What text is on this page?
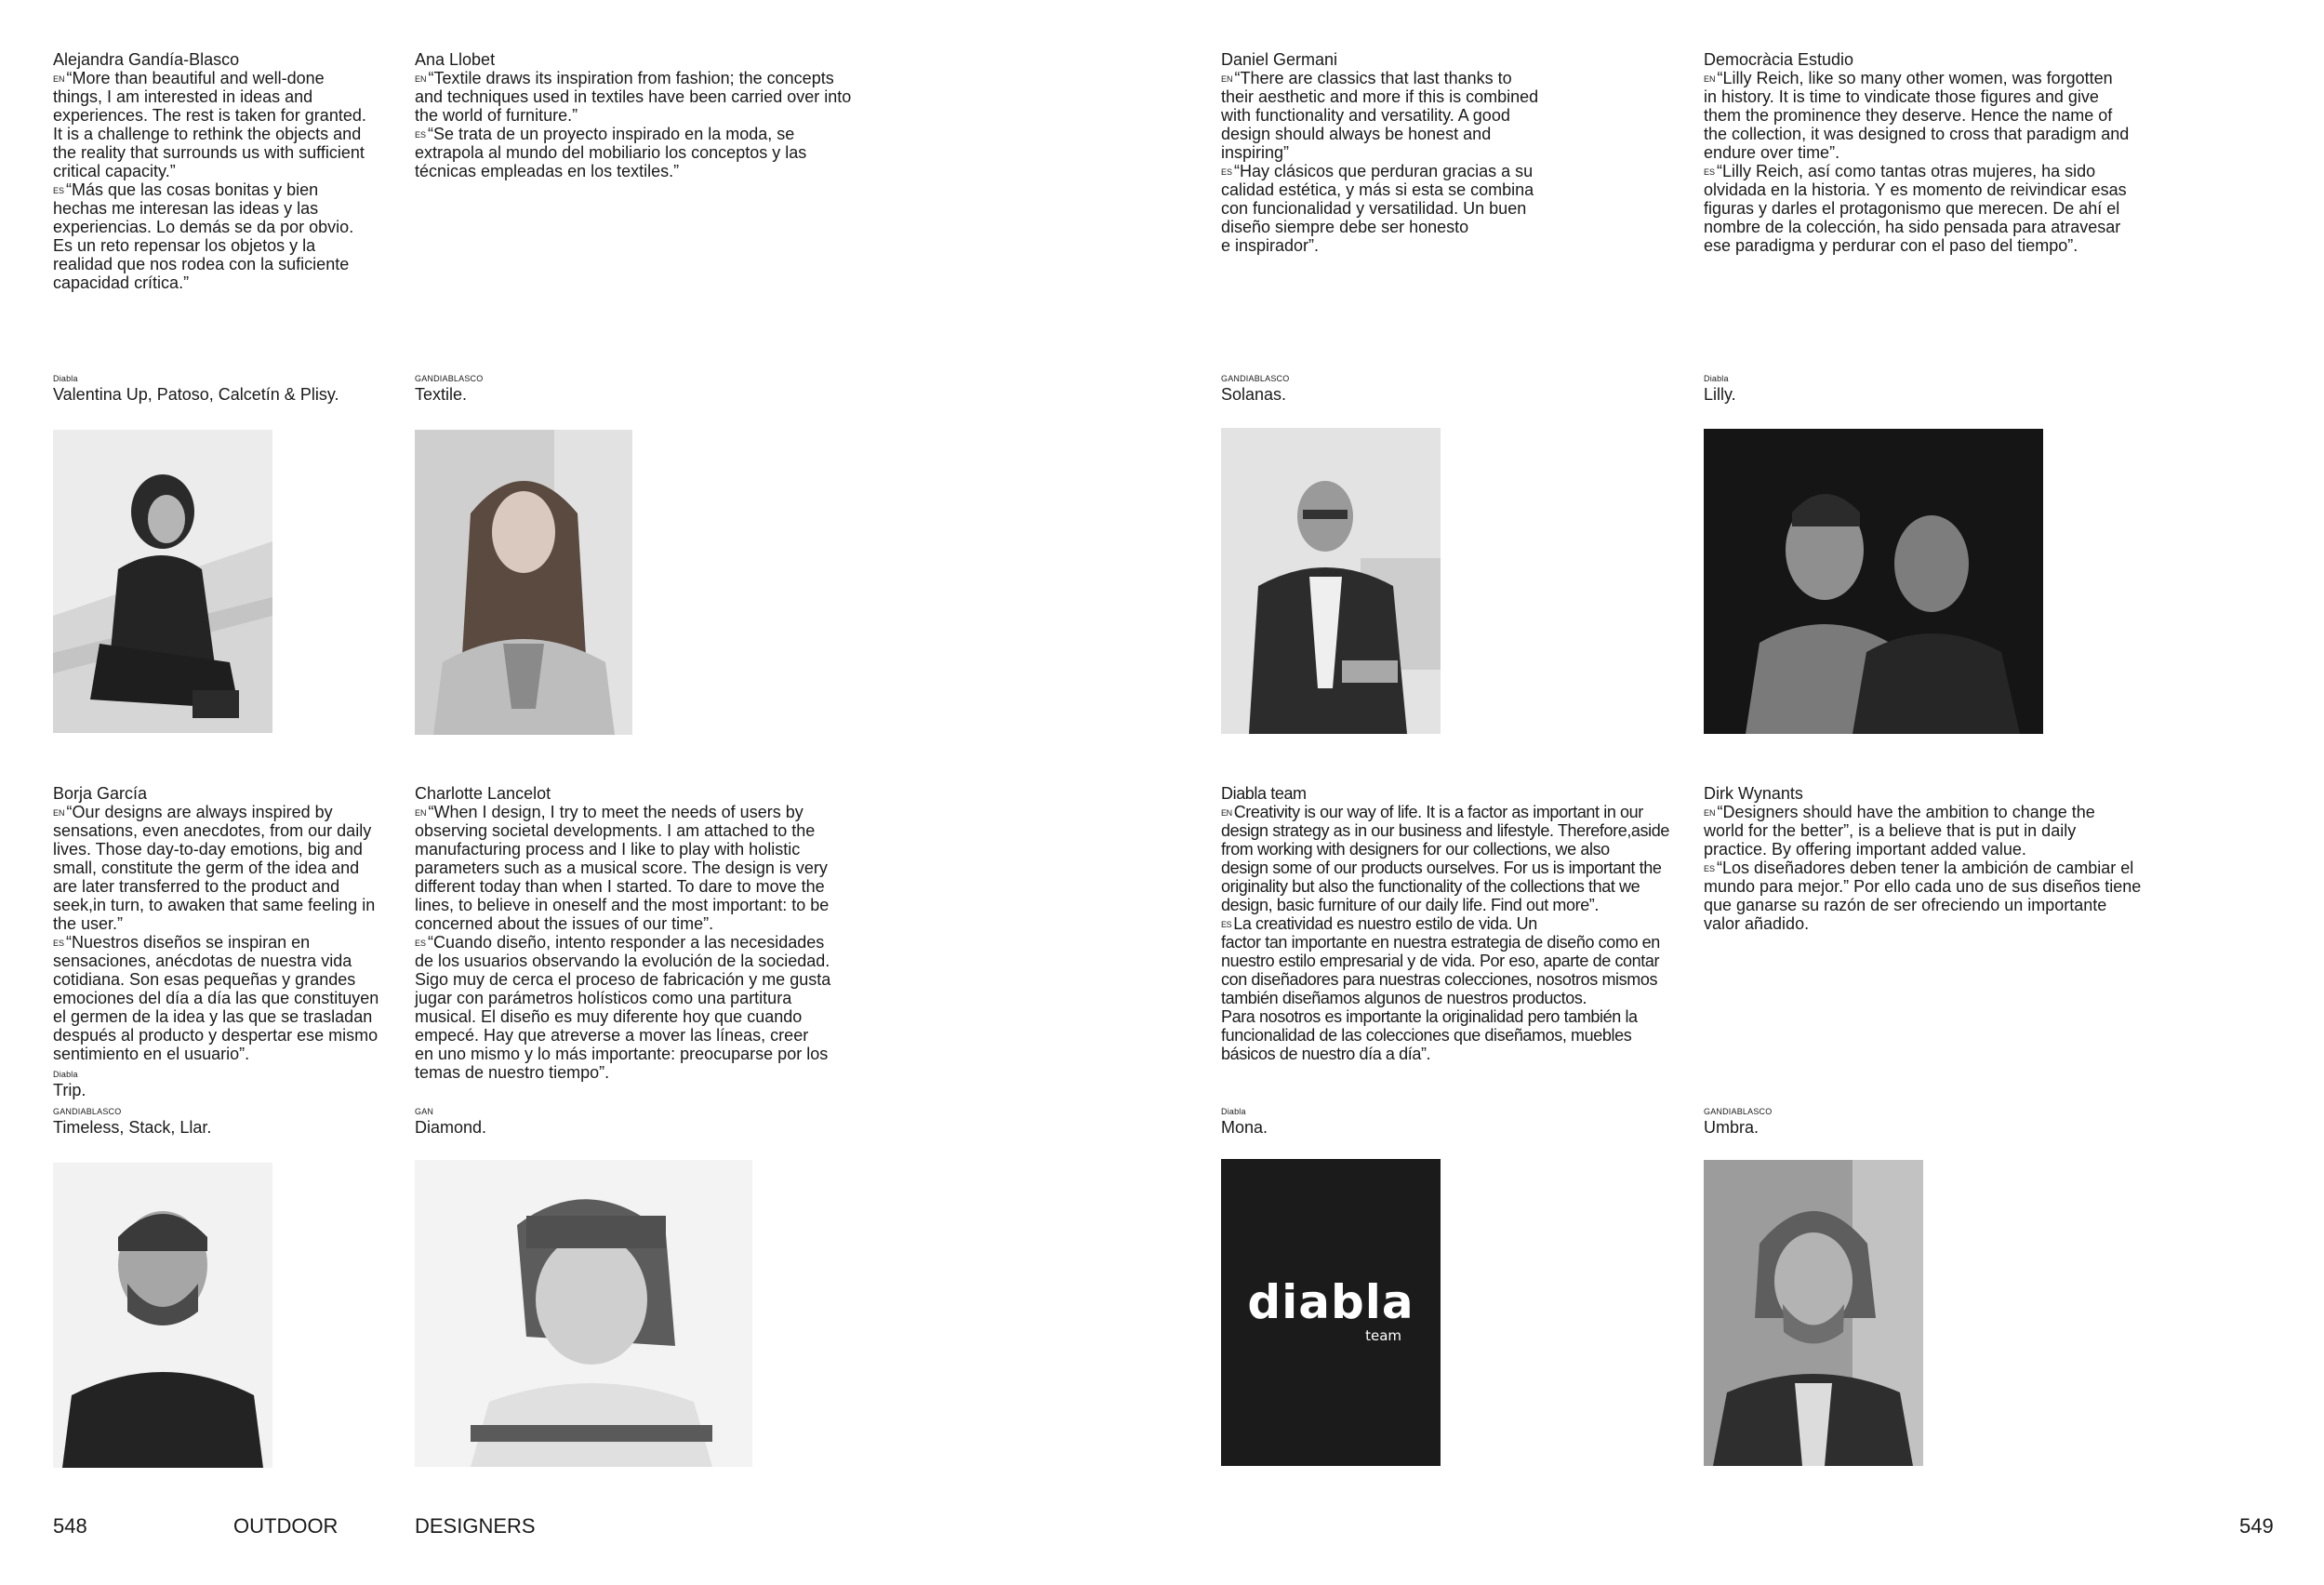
Alejandra Gandía-Blasco

$^{EN}$ “More than beautiful and well-done
things, I am interested in ideas and
experiences. The rest is taken for granted.
It is a challenge to rethink the objects and
the reality that surrounds us with sufficient
critical capacity.”

$^{ES}$ “Más que las cosas bonitas y bien
hechas me interesan las ideas y las
experiencias. Lo demás se da por obvio.
Es un reto repensar los objetos y la
realidad que nos rodea con la suficiente
capacidad crítica.”

Diabla

Valentina Up, Patoso, Calcetín & Plisy.

Ana Llobet

$^{EN}$ “Textile draws its inspiration from fashion; the concepts
and techniques used in textiles have been carried over into
the world of furniture.”

$^{ES}$ “Se trata de un proyecto inspirado en la moda, se
extrapola al mundo del mobiliario los conceptos y las
técnicas empleadas en los textiles.”

GANDIABLASCO

Textile.

Daniel Germani

$^{EN}$ “There are classics that last thanks to
their aesthetic and more if this is combined
with functionality and versatility. A good
design should always be honest and
inspiring”

$^{ES}$ “Hay clásicos que perduran gracias a su
calidad estética, y más si esta se combina
con funcionalidad y versatilidad. Un buen
diseño siempre debe ser honesto
e inspirador”.

GANDIABLASCO

Solanas.

Democràcia Estudio

$^{EN}$ “Lilly Reich, like so many other women, was forgotten
in history. It is time to vindicate those figures and give
them the prominence they deserve. Hence the name of
the collection, it was designed to cross that paradigm and
endure over time”.

$^{ES}$ “Lilly Reich, así como tantas otras mujeres, ha sido
olvidada en la historia. Y es momento de reivindicar esas
figuras y darles el protagonismo que merecen. De ahí el
nombre de la colección, ha sido pensada para atravesar
ese paradigma y perdurar con el paso del tiempo”.

Diabla

Lilly.

Borja García

$^{EN}$ “Our designs are always inspired by
sensations, even anecdotes, from our daily
lives. Those day-to-day emotions, big and
small, constitute the germ of the idea and
are later transferred to the product and
seek,in turn, to awaken that same feeling in
the user.”

$^{ES}$ “Nuestros diseños se inspiran en
sensaciones, anécdotas de nuestra vida
cotidiana. Son esas pequeñas y grandes
emociones del día a día las que constituyen
el germen de la idea y las que se trasladan
después al producto y despertar ese mismo
sentimiento en el usuario”.

Diabla

Trip.

GANDIABLASCO

Timeless, Stack, Llar.

Charlotte Lancelot

$^{EN}$ “When I design, I try to meet the needs of users by
observing societal developments. I am attached to the
manufacturing process and I like to play with holistic
parameters such as a musical score. The design is very
different today than when I started. To dare to move the
lines, to believe in oneself and the most important: to be
concerned about the issues of our time”.

$^{ES}$ “Cuando diseño, intento responder a las necesidades
de los usuarios observando la evolución de la sociedad.
Sigo muy de cerca el proceso de fabricación y me gusta
jugar con parámetros holísticos como una partitura
musical. El diseño es muy diferente hoy que cuando
empecé. Hay que atreverse a mover las líneas, creer
en uno mismo y lo más importante: preocuparse por los
temas de nuestro tiempo”.

GAN

Diamond.

Diabla team

$^{EN}$ Creativity is our way of life. It is a factor as important in our
design strategy as in our business and lifestyle. Therefore,aside
from working with designers for our collections, we also
design some of our products ourselves. For us is important the
originality but also the functionality of the collections that we
design, basic furniture of our daily life. Find out more”.

$^{ES}$ La creatividad es nuestro estilo de vida. Un
factor tan importante en nuestra estrategia de diseño como en
nuestro estilo empresarial y de vida. Por eso, aparte de contar
con diseñadores para nuestras colecciones, nosotros mismos
también diseñamos algunos de nuestros productos.
Para nosotros es importante la originalidad pero también la
funcionalidad de las colecciones que diseñamos, muebles
básicos de nuestro día a día”.

Diabla

Mona.

Dirk Wynants

$^{EN}$ “Designers should have the ambition to change the
world for the better”, is a believe that is put in daily
practice. By offering important added value.

$^{ES}$ “Los diseñadores deben tener la ambición de cambiar el
mundo para mejor.” Por ello cada uno de sus diseños tiene
que ganarse su razón de ser ofreciendo un importante
valor añadido.

GANDIABLASCO

Umbra.

diabla
team
548	OUTDOOR	DESIGNERS	549
